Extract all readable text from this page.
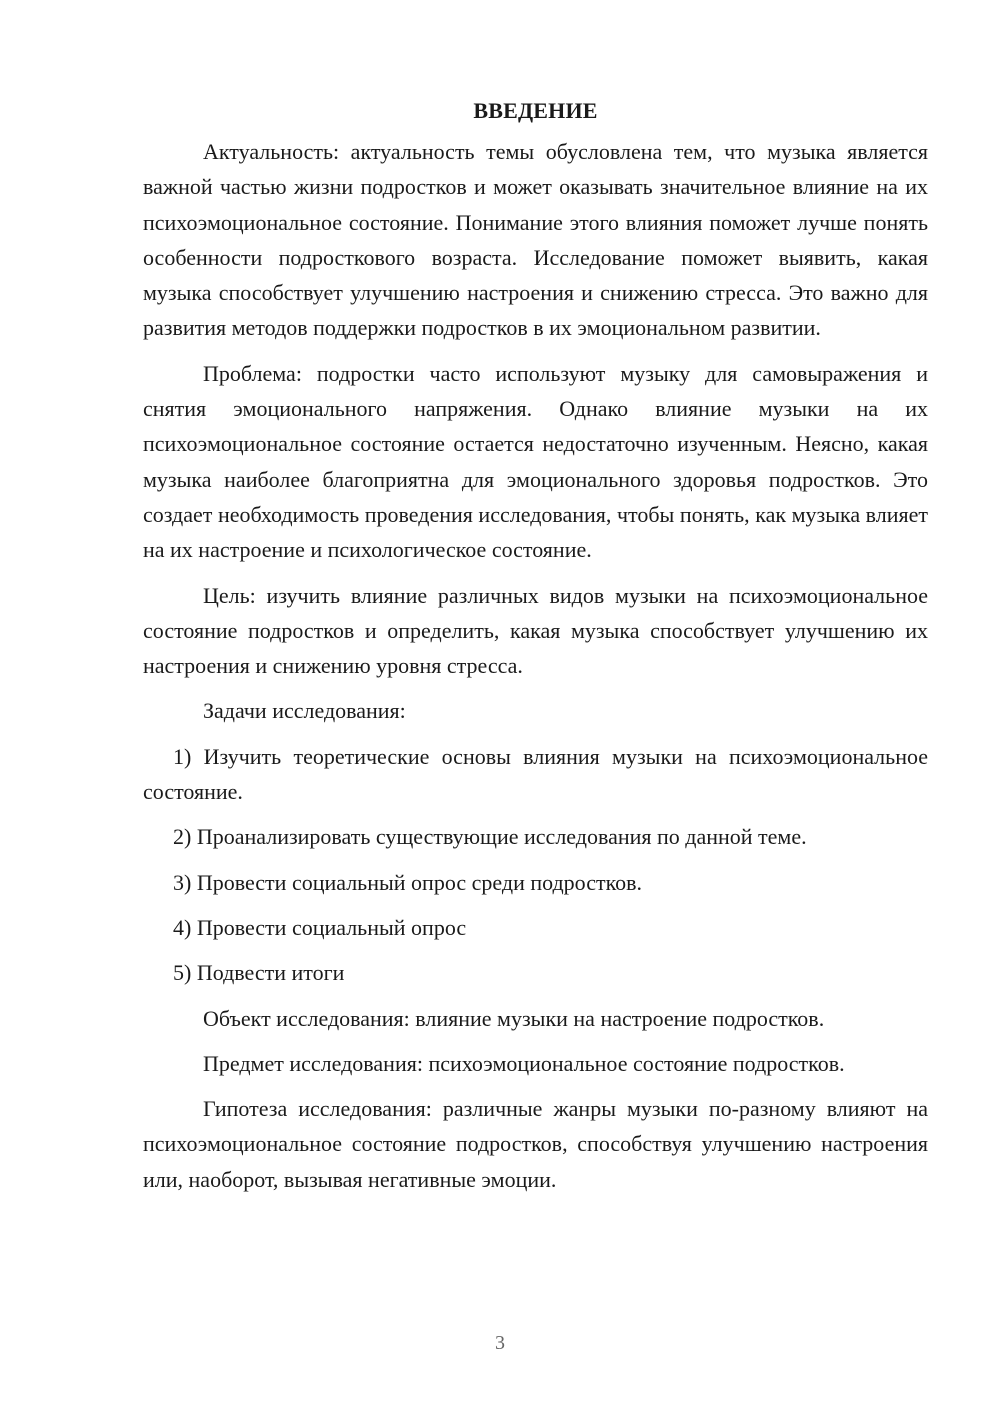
ВВЕДЕНИЕ

Актуальность: актуальность темы обусловлена тем, что музыка является важной частью жизни подростков и может оказывать значительное влияние на их психоэмоциональное состояние. Понимание этого влияния поможет лучше понять особенности подросткового возраста. Исследование поможет выявить, какая музыка способствует улучшению настроения и снижению стресса. Это важно для развития методов поддержки подростков в их эмоциональном развитии.

Проблема: подростки часто используют музыку для самовыражения и снятия эмоционального напряжения. Однако влияние музыки на их психоэмоциональное состояние остается недостаточно изученным. Неясно, какая музыка наиболее благоприятна для эмоционального здоровья подростков. Это создает необходимость проведения исследования, чтобы понять, как музыка влияет на их настроение и психологическое состояние.

Цель: изучить влияние различных видов музыки на психоэмоциональное состояние подростков и определить, какая музыка способствует улучшению их настроения и снижению уровня стресса.

Задачи исследования:

1) Изучить теоретические основы влияния музыки на психоэмоциональное состояние.

2) Проанализировать существующие исследования по данной теме.

3) Провести социальный опрос среди подростков.

4) Провести социальный опрос

5) Подвести итоги

Объект исследования: влияние музыки на настроение подростков.

Предмет исследования: психоэмоциональное состояние подростков.

Гипотеза исследования: различные жанры музыки по-разному влияют на психоэмоциональное состояние подростков, способствуя улучшению настроения или, наоборот, вызывая негативные эмоции.

3
